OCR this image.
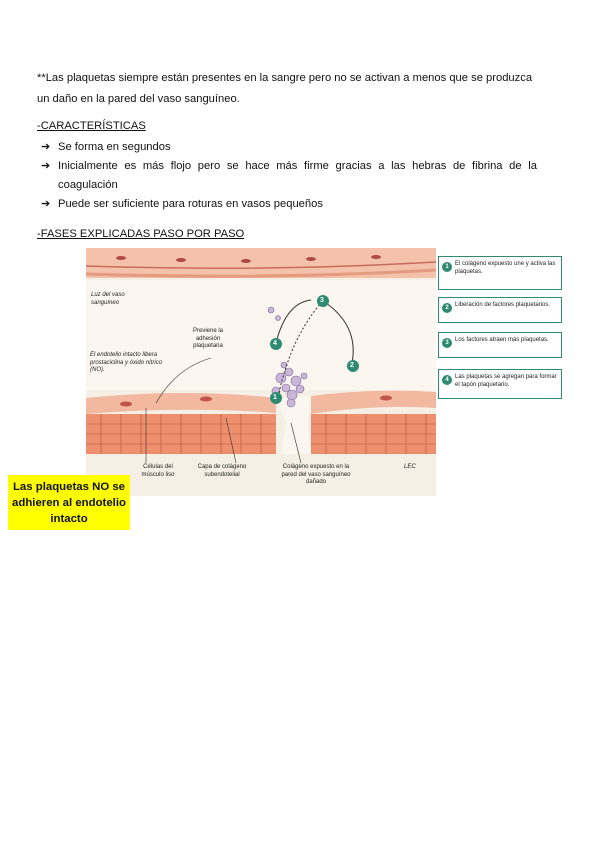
**Las plaquetas siempre están presentes en la sangre pero no se activan a menos que se produzca
un daño en la pared del vaso sanguíneo.
-CARACTERÍSTICAS
➔ Se forma en segundos
➔ Inicialmente es más flojo pero se hace más firme gracias a las hebras de fibrina de la coagulación
➔ Puede ser suficiente para roturas en vasos pequeños
-FASES EXPLICADAS PASO POR PASO
1
2
3
4
Luz del vaso sanguíneo
El endotelio intacto libera prostaciclina y óxido nítrico (NO).
Previene la adhesión plaquetaria
Células del músculo liso
Capa de colágeno subendotelial
Colágeno expuesto en la pared del vaso sanguíneo dañado
LEC
1	El colágeno expuesto une y activa las plaquetas.
2	Liberación de factores plaquetarios.
3	Los factores atraen más plaquetas.
4	Las plaquetas se agregan para formar el tapón plaquetario.
Las plaquetas NO se adhieren al endotelio intacto
